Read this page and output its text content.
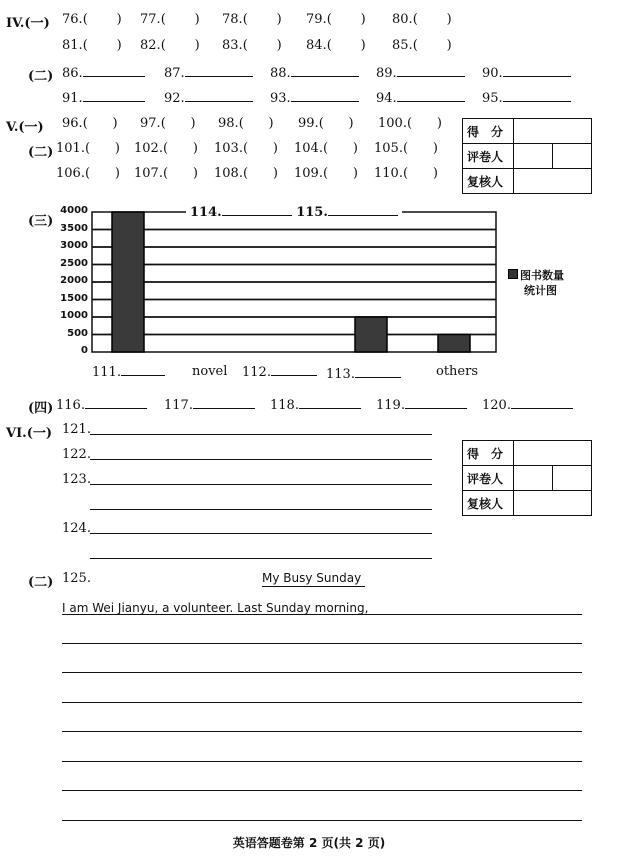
IV.(一) 76.(       ) 77.(       ) 78.(       ) 79.(       ) 80.(       )
81.(       ) 82.(       ) 83.(       ) 84.(       ) 85.(       )
(二) 86.	87.	88.	89.	90.
91.	92.	93.	94.	95.
V.(一) 96.(      ) 97.(      ) 98.(      ) 99.(      ) 100.(      )
(二) 101.(      ) 102.(      ) 103.(      ) 104.(      ) 105.(      )
106.(      ) 107.(      ) 108.(      ) 109.(      ) 110.(      )
得　分		
评卷人		
复核人		
(三)
4000
3500
3000
2500
2000
1500
1000
500
0
114.	115.
图书数量
统计图
111.	novel 112.	113.	others
(四) 116.	117.	118.	119.	120.
VI.(一) 121.
122.
123.
124.
得　分		
评卷人		
复核人		
(二) 125.	My Busy Sunday
I am Wei Jianyu, a volunteer. Last Sunday morning,
英语答题卷第 2 页(共 2 页)
